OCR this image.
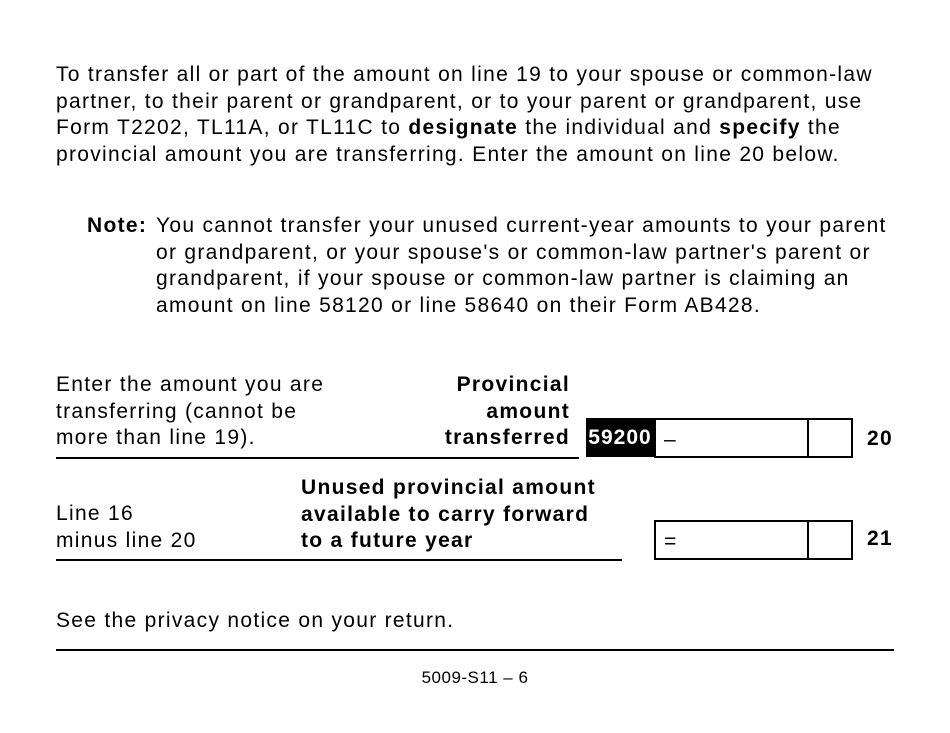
To transfer all or part of the amount on line 19 to your spouse or common-law partner, to their parent or grandparent, or to your parent or grandparent, use Form T2202, TL11A, or TL11C to designate the individual and specify the provincial amount you are transferring. Enter the amount on line 20 below.
Note: You cannot transfer your unused current-year amounts to your parent or grandparent, or your spouse's or common-law partner's parent or grandparent, if your spouse or common-law partner is claiming an amount on line 58120 or line 58640 on their Form AB428.
Enter the amount you are
transferring (cannot be
more than line 19).
Provincial
amount
transferred 59200 –	20
Line 16
minus line 20
Unused provincial amount
available to carry forward
to a future year	=	21
See the privacy notice on your return.
5009-S11 – 6
